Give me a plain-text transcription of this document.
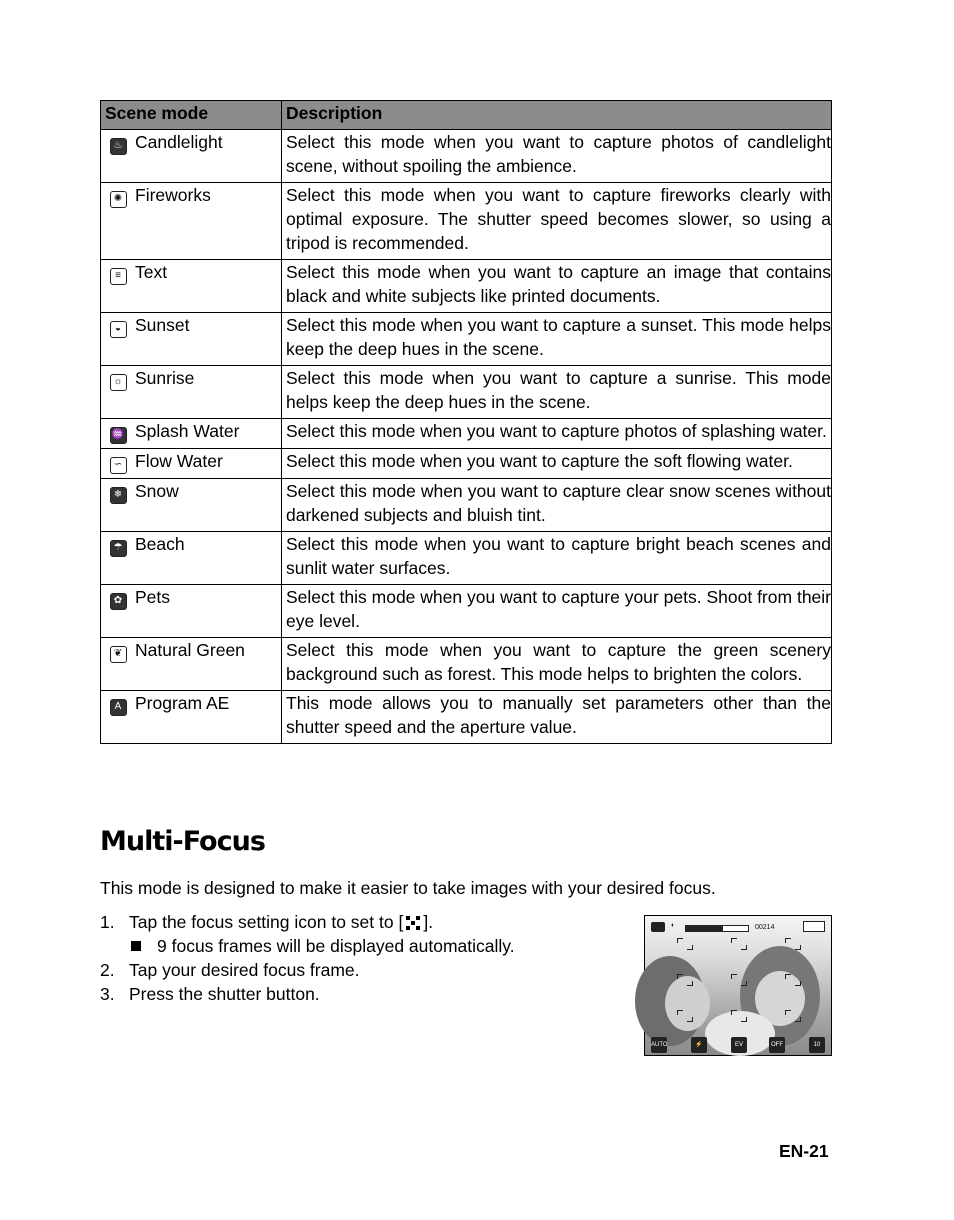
Scene mode	Description

♨ Candlelight	Select this mode when you want to capture photos of candlelight scene, without spoiling the ambience.

✺ Fireworks	Select this mode when you want to capture fireworks clearly with optimal exposure. The shutter speed becomes slower, so using a tripod is recommended.

≡ Text	Select this mode when you want to capture an image that contains black and white subjects like printed documents.

◒ Sunset	Select this mode when you want to capture a sunset. This mode helps keep the deep hues in the scene.

☼ Sunrise	Select this mode when you want to capture a sunrise. This mode helps keep the deep hues in the scene.

♒ Splash Water	Select this mode when you want to capture photos of splashing water.

∽ Flow Water	Select this mode when you want to capture the soft flowing water.

❄ Snow	Select this mode when you want to capture clear snow scenes without darkened subjects and bluish tint.

☂ Beach	Select this mode when you want to capture bright beach scenes and sunlit water surfaces.

✿ Pets	Select this mode when you want to capture your pets. Shoot from their eye level.

❦ Natural Green	Select this mode when you want to capture the green scenery background such as forest. This mode helps to brighten the colors.

A Program AE	This mode allows you to manually set parameters other than the shutter speed and the aperture value.
Multi-Focus

This mode is designed to make it easier to take images with your desired focus.

1. Tap the focus setting icon to set to [ ].
9 focus frames will be displayed automatically.
2. Tap your desired focus frame.
3. Press the shutter button.
◐	00214
AUTO	⚡	EV 0.0
OFF	10 MP
EN-21
